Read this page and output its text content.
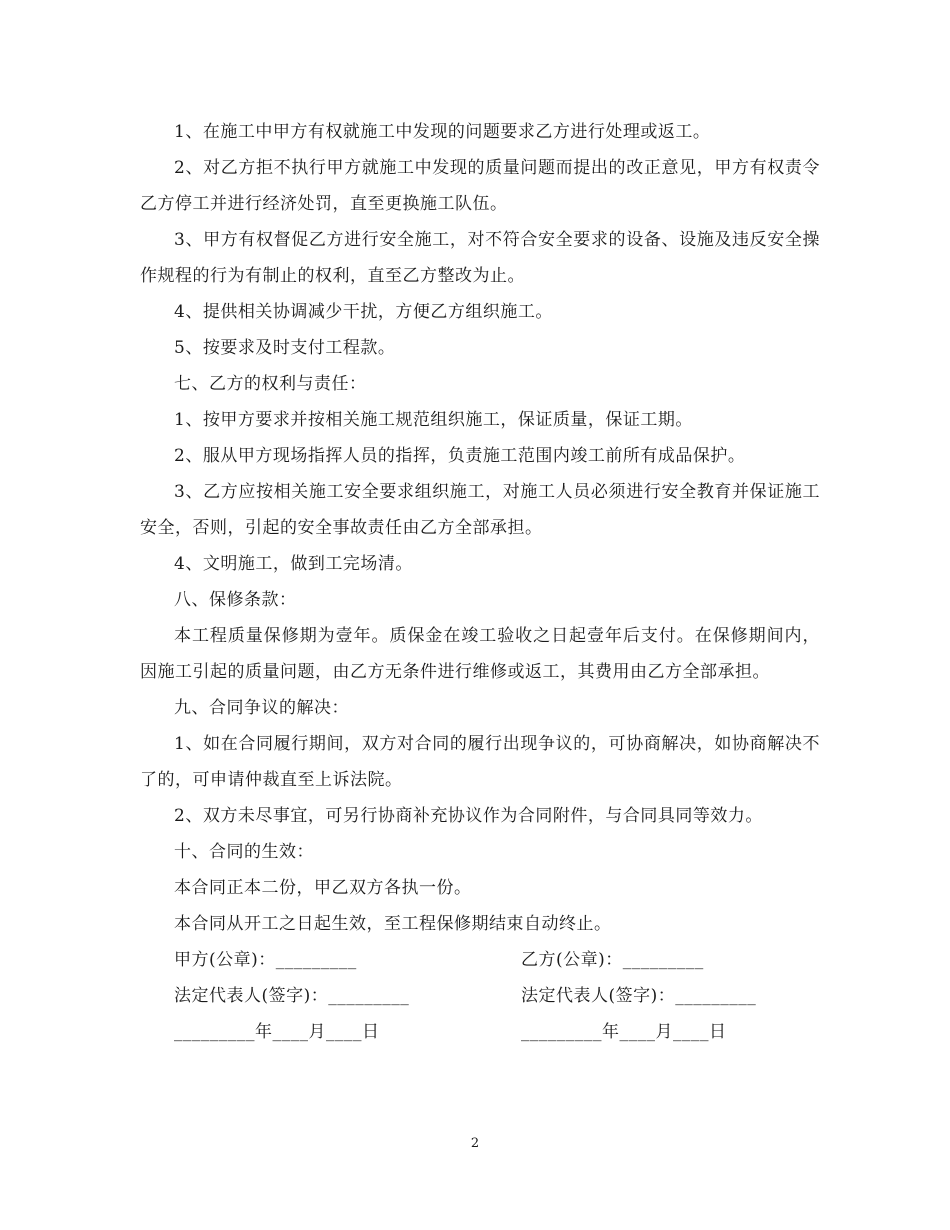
1、在施工中甲方有权就施工中发现的问题要求乙方进行处理或返工。

2、对乙方拒不执行甲方就施工中发现的质量问题而提出的改正意见，甲方有权责令乙方停工并进行经济处罚，直至更换施工队伍。

3、甲方有权督促乙方进行安全施工，对不符合安全要求的设备、设施及违反安全操作规程的行为有制止的权利，直至乙方整改为止。

4、提供相关协调减少干扰，方便乙方组织施工。

5、按要求及时支付工程款。

七、乙方的权利与责任：

1、按甲方要求并按相关施工规范组织施工，保证质量，保证工期。

2、服从甲方现场指挥人员的指挥，负责施工范围内竣工前所有成品保护。

3、乙方应按相关施工安全要求组织施工，对施工人员必须进行安全教育并保证施工安全，否则，引起的安全事故责任由乙方全部承担。

4、文明施工，做到工完场清。

八、保修条款：

本工程质量保修期为壹年。质保金在竣工验收之日起壹年后支付。在保修期间内，因施工引起的质量问题，由乙方无条件进行维修或返工，其费用由乙方全部承担。

九、合同争议的解决：

1、如在合同履行期间，双方对合同的履行出现争议的，可协商解决，如协商解决不了的，可申请仲裁直至上诉法院。

2、双方未尽事宜，可另行协商补充协议作为合同附件，与合同具同等效力。

十、合同的生效：

本合同正本二份，甲乙双方各执一份。

本合同从开工之日起生效，至工程保修期结束自动终止。

甲方(公章)：_________	乙方(公章)：_________
法定代表人(签字)：_________	法定代表人(签字)：_________
_________年____月____日	_________年____月____日
2
